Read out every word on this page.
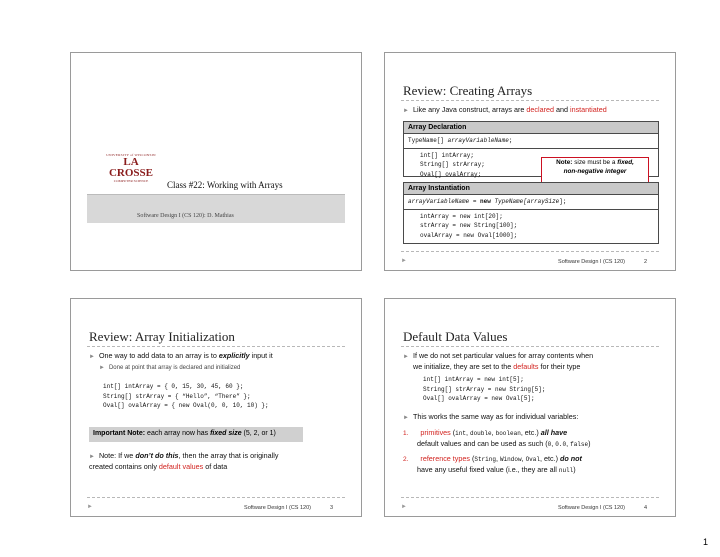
UNIVERSITY of WISCONSIN
LA CROSSE
COMPUTER SCIENCE	Class #22: Working with Arrays
Software Design I (CS 120): D. Mathias
Review: Creating Arrays
► Like any Java construct, arrays are declared and instantiated
Array Declaration
TypeName[] arrayVariableName;
int[] intArray;
String[] strArray;
Oval[] ovalArray;
Note: size must be a fixed,
non-negative integer
Array Instantiation
arrayVariableName = new TypeName[arraySize];
intArray = new int[20];
strArray = new String[100];
ovalArray = new Oval[1000];
►	Software Design I (CS 120)	2
Review: Array Initialization
► One way to add data to an array is to explicitly input it
► Done at point that array is declared and initialized
int[] intArray = { 0, 15, 30, 45, 60 };
String[] strArray = { “Hello”, “There” };
Oval[] ovalArray = { new Oval(0, 0, 10, 10) };
Important Note: each array now has fixed size (5, 2, or 1)
► Note: If we don’t do this, then the array that is originally
created contains only default values of data
►	Software Design I (CS 120)	3
Default Data Values
► If we do not set particular values for array contents when
we initialize, they are set to the defaults for their type
int[] intArray = new int[5];
String[] strArray = new String[5];
Oval[] ovalArray = new Oval[5];
► This works the same way as for individual variables:
1. primitives (int, double, boolean, etc.) all have
default values and can be used as such (0, 0.0, false)
2. reference types (String, Window, Oval, etc.) do not
have any useful fixed value (i.e., they are all null)
►	Software Design I (CS 120)	4
1
